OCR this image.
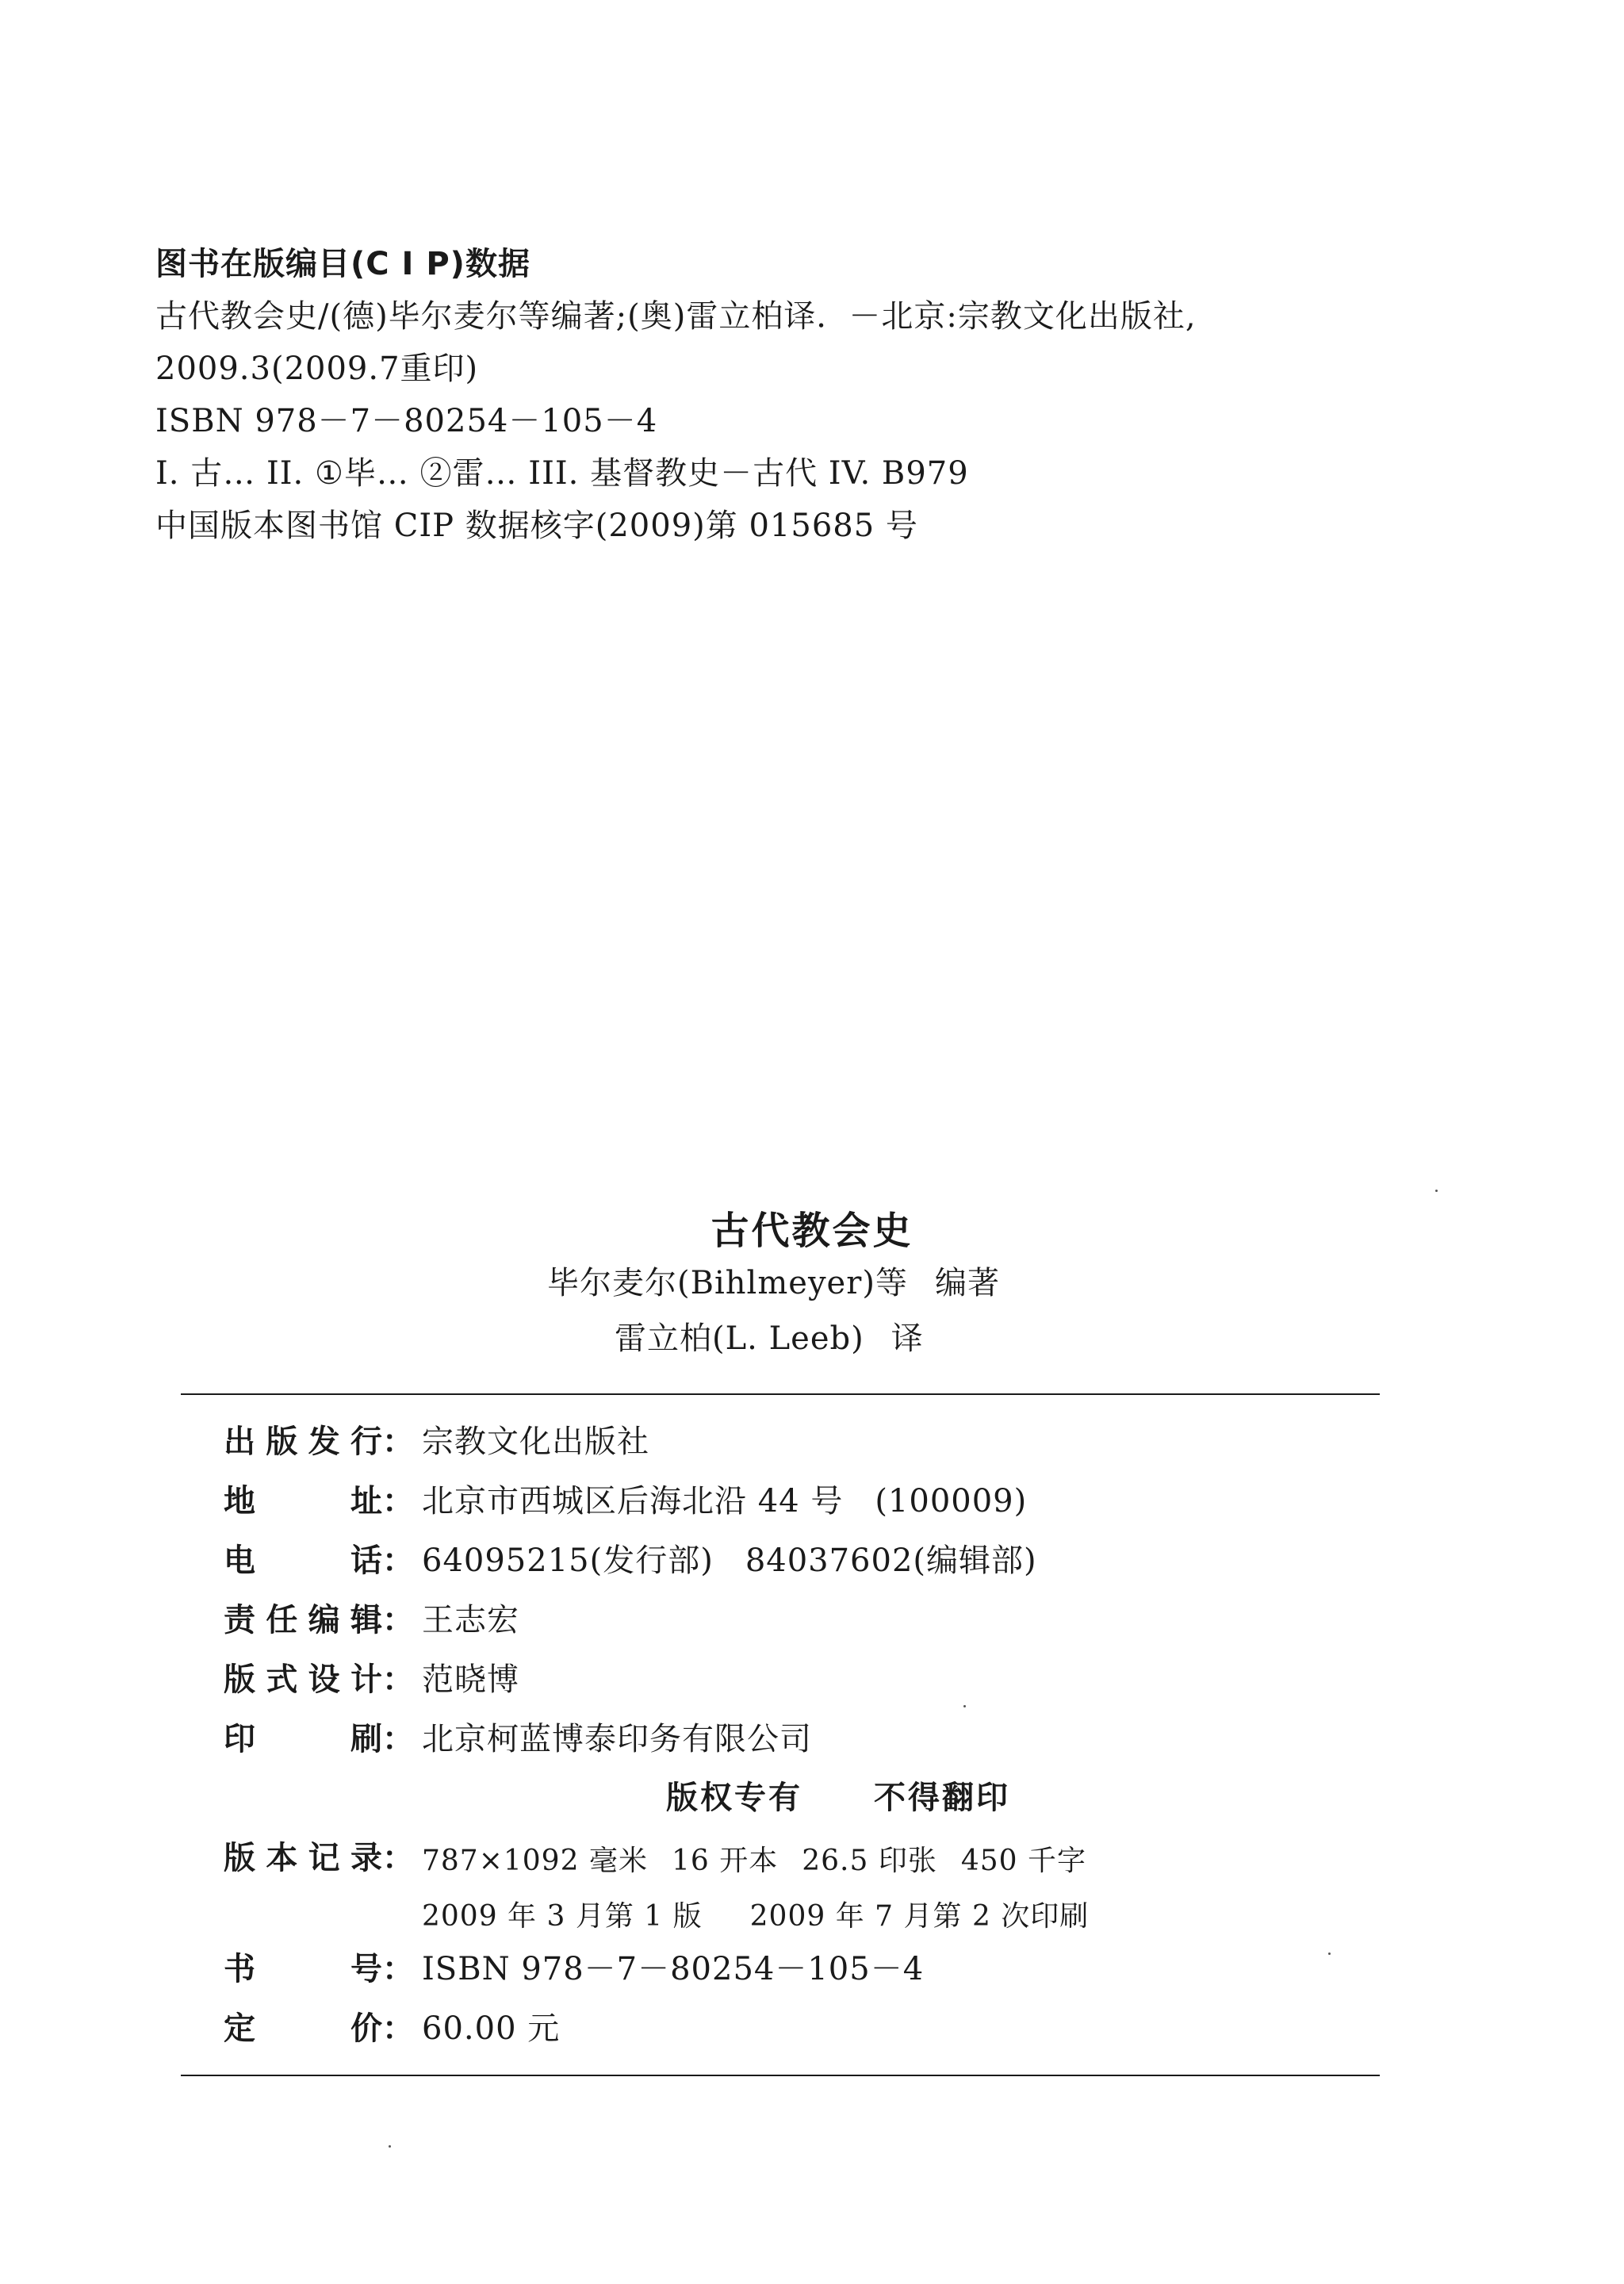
图书在版编目(C I P)数据
古代教会史/(德)毕尔麦尔等编著;(奥)雷立柏译．－北京:宗教文化出版社,
2009.3(2009.7重印)
ISBN 978－7－80254－105－4
I. 古… II. ①毕… ②雷… III. 基督教史－古代 IV. B979
中国版本图书馆 CIP 数据核字(2009)第 015685 号
古代教会史
毕尔麦尔(Bihlmeyer)等 编著
雷立柏(L. Leeb) 译
出 版 发 行 ： 宗教文化出版社
地	址 ： 北京市西城区后海北沿 44 号 (100009)
电	话 ： 64095215(发行部) 84037602(编辑部)
责 任 编 辑 ： 王志宏
版 式 设 计 ： 范晓博
印	刷 ： 北京柯蓝博泰印务有限公司
版权专有 不得翻印
版 本 记 录 ： 787×1092 毫米 16 开本 26.5 印张 450 千字
2009 年 3 月第 1 版 2009 年 7 月第 2 次印刷
书	号 ： ISBN 978－7－80254－105－4
定	价 ： 60.00 元
